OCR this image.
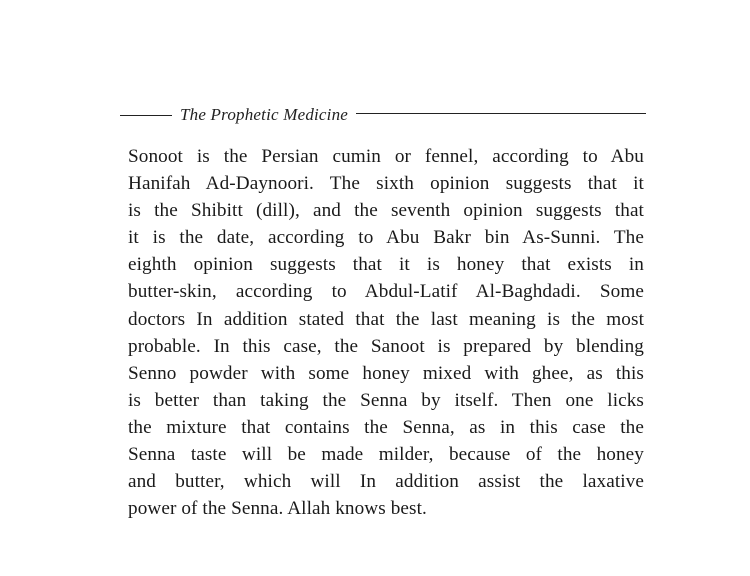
The Prophetic Medicine
Sonoot is the Persian cumin or fennel, according to Abu
Hanifah Ad-Daynoori. The sixth opinion suggests that it
is the Shibitt (dill), and the seventh opinion suggests that
it is the date, according to Abu Bakr bin As-Sunni. The
eighth opinion suggests that it is honey that exists in
butter-skin, according to Abdul-Latif Al-Baghdadi. Some
doctors In addition stated that the last meaning is the most
probable. In this case, the Sanoot is prepared by blending
Senno powder with some honey mixed with ghee, as this
is better than taking the Senna by itself. Then one licks
the mixture that contains the Senna, as in this case the
Senna taste will be made milder, because of the honey
and butter, which will In addition assist the laxative
power of the Senna. Allah knows best.
